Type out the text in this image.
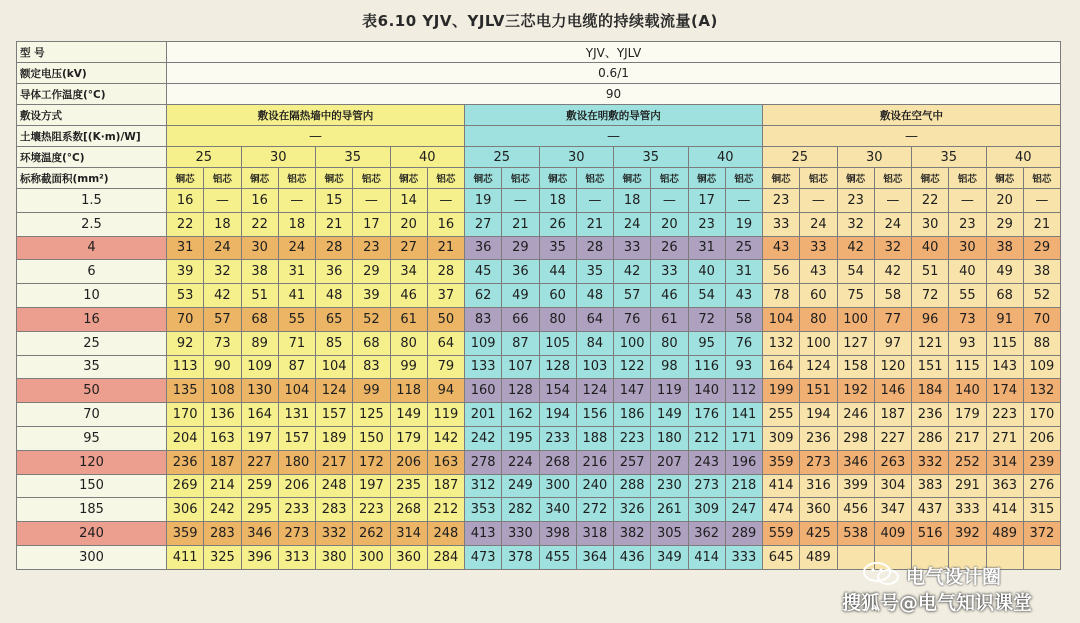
表6.10 YJV、YJLV三芯电力电缆的持续载流量(A)
型 号	YJV、YJLV																							
额定电压(kV)	0.6/1																							
导体工作温度(°C)	90																							
敷设方式	敷设在隔热墙中的导管内								敷设在明敷的导管内								敷设在空气中							
土壤热阻系数[(K·m)/W]	—								—								—							
环境温度(°C)	25		30		35		40		25		30		35		40		25		30		35		40	
标称截面积(mm²)	铜芯	铝芯	铜芯	铝芯	铜芯	铝芯	铜芯	铝芯	铜芯	铝芯	铜芯	铝芯	铜芯	铝芯	铜芯	铝芯	铜芯	铝芯	铜芯	铝芯	铜芯	铝芯	铜芯	铝芯
1.5	16	—	16	—	15	—	14	—	19	—	18	—	18	—	17	—	23	—	23	—	22	—	20	—
2.5	22	18	22	18	21	17	20	16	27	21	26	21	24	20	23	19	33	24	32	24	30	23	29	21
4	31	24	30	24	28	23	27	21	36	29	35	28	33	26	31	25	43	33	42	32	40	30	38	29
6	39	32	38	31	36	29	34	28	45	36	44	35	42	33	40	31	56	43	54	42	51	40	49	38
10	53	42	51	41	48	39	46	37	62	49	60	48	57	46	54	43	78	60	75	58	72	55	68	52
16	70	57	68	55	65	52	61	50	83	66	80	64	76	61	72	58	104	80	100	77	96	73	91	70
25	92	73	89	71	85	68	80	64	109	87	105	84	100	80	95	76	132	100	127	97	121	93	115	88
35	113	90	109	87	104	83	99	79	133	107	128	103	122	98	116	93	164	124	158	120	151	115	143	109
50	135	108	130	104	124	99	118	94	160	128	154	124	147	119	140	112	199	151	192	146	184	140	174	132
70	170	136	164	131	157	125	149	119	201	162	194	156	186	149	176	141	255	194	246	187	236	179	223	170
95	204	163	197	157	189	150	179	142	242	195	233	188	223	180	212	171	309	236	298	227	286	217	271	206
120	236	187	227	180	217	172	206	163	278	224	268	216	257	207	243	196	359	273	346	263	332	252	314	239
150	269	214	259	206	248	197	235	187	312	249	300	240	288	230	273	218	414	316	399	304	383	291	363	276
185	306	242	295	233	283	223	268	212	353	282	340	272	326	261	309	247	474	360	456	347	437	333	414	315
240	359	283	346	273	332	262	314	248	413	330	398	318	382	305	362	289	559	425	538	409	516	392	489	372
300	411	325	396	313	380	300	360	284	473	378	455	364	436	349	414	333	645	489						
电气设计圈
搜狐号@电气知识课堂
